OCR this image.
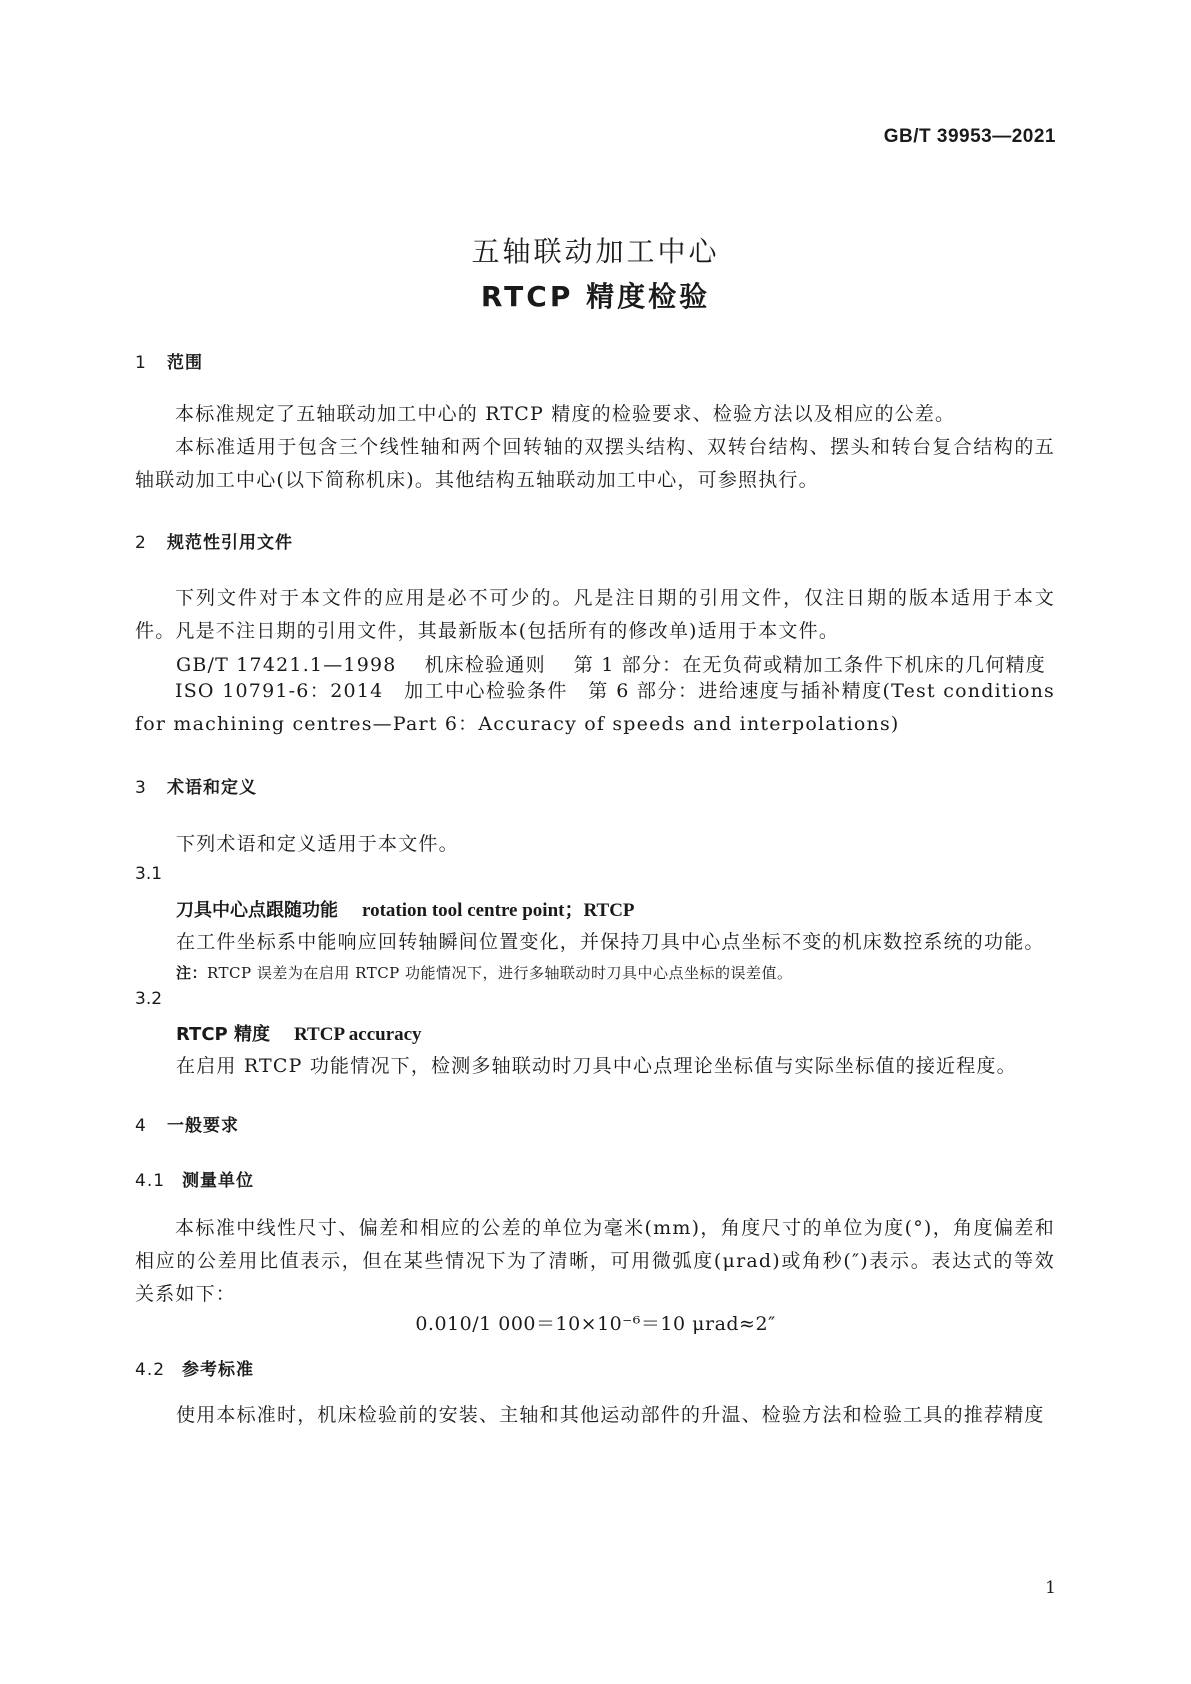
GB/T 39953—2021
五轴联动加工中心
RTCP 精度检验
1 范围
本标准规定了五轴联动加工中心的 RTCP 精度的检验要求、检验方法以及相应的公差。
本标准适用于包含三个线性轴和两个回转轴的双摆头结构、双转台结构、摆头和转台复合结构的五轴联动加工中心(以下简称机床)。其他结构五轴联动加工中心，可参照执行。
2 规范性引用文件
下列文件对于本文件的应用是必不可少的。凡是注日期的引用文件，仅注日期的版本适用于本文件。凡是不注日期的引用文件，其最新版本(包括所有的修改单)适用于本文件。
GB/T 17421.1—1998 机床检验通则 第 1 部分：在无负荷或精加工条件下机床的几何精度
ISO 10791-6：2014　加工中心检验条件　第 6 部分：进给速度与插补精度(Test conditions for machining centres—Part 6：Accuracy of speeds and interpolations)
3 术语和定义
下列术语和定义适用于本文件。
3.1
刀具中心点跟随功能 rotation tool centre point；RTCP
在工件坐标系中能响应回转轴瞬间位置变化，并保持刀具中心点坐标不变的机床数控系统的功能。
注：RTCP 误差为在启用 RTCP 功能情况下，进行多轴联动时刀具中心点坐标的误差值。
3.2
RTCP 精度 RTCP accuracy
在启用 RTCP 功能情况下，检测多轴联动时刀具中心点理论坐标值与实际坐标值的接近程度。
4 一般要求
4.1 测量单位
本标准中线性尺寸、偏差和相应的公差的单位为毫米(mm)，角度尺寸的单位为度(°)，角度偏差和相应的公差用比值表示，但在某些情况下为了清晰，可用微弧度(μrad)或角秒(″)表示。表达式的等效关系如下：
0.010/1 000＝10×10⁻⁶＝10 μrad≈2″
4.2 参考标准
使用本标准时，机床检验前的安装、主轴和其他运动部件的升温、检验方法和检验工具的推荐精度
1
